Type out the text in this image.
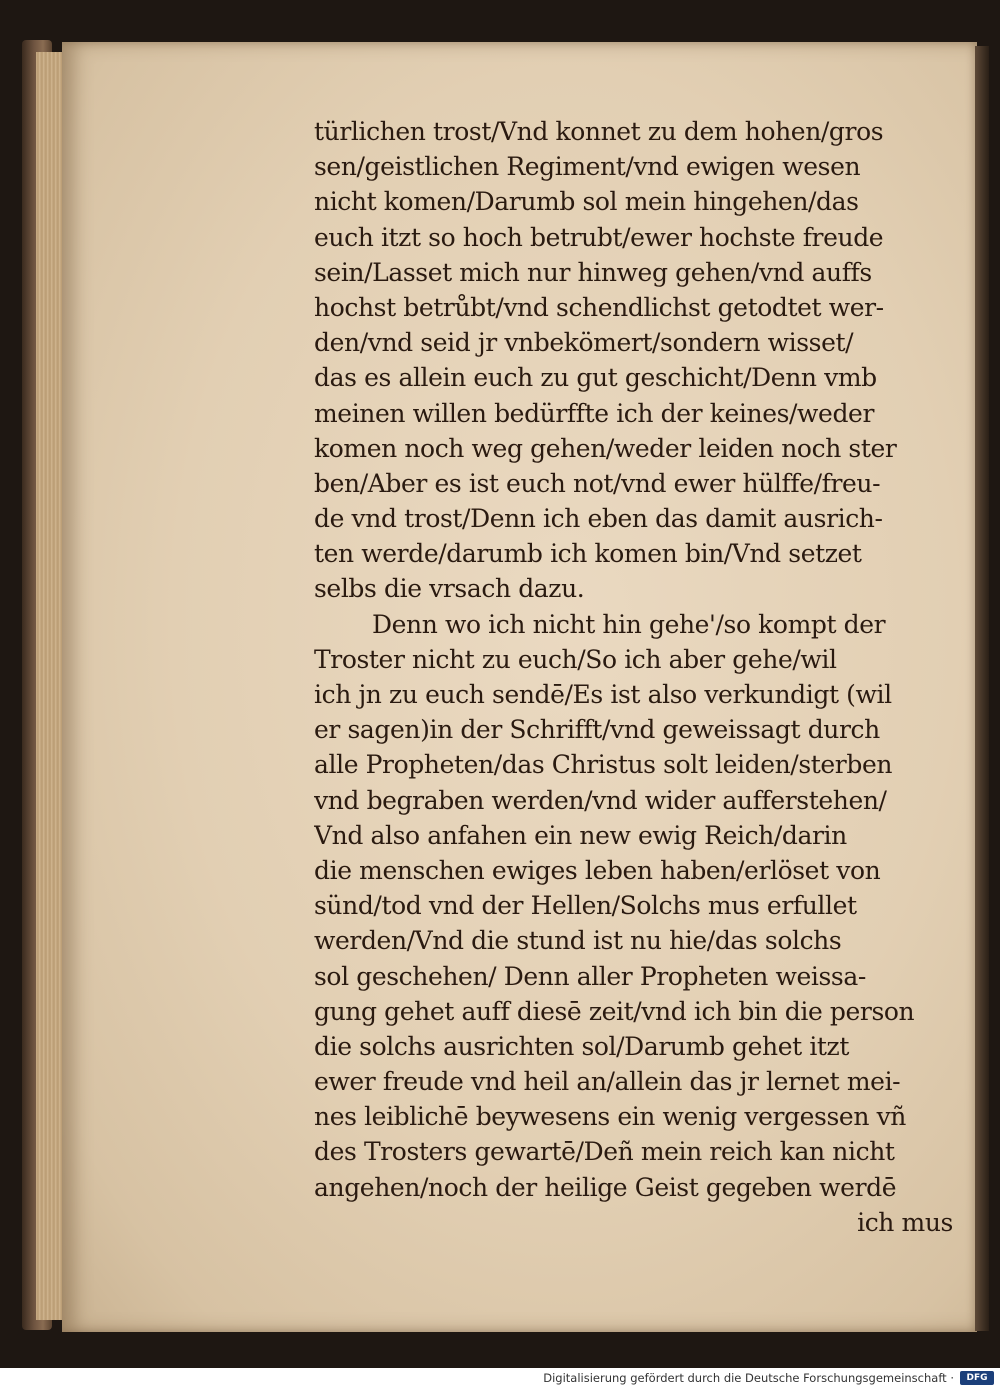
türlichen trost/Vnd konnet zu dem hohen/gros
sen/geistlichen Regiment/vnd ewigen wesen
nicht komen/Darumb sol mein hingehen/das
euch itzt so hoch betrubt/ewer hochste freude
sein/Lasset mich nur hinweg gehen/vnd auffs
hochst betrůbt/vnd schendlichst getodtet wer-
den/vnd seid jr vnbekömert/sondern wisset/
das es allein euch zu gut geschicht/Denn vmb
meinen willen bedürffte ich der keines/weder
komen noch weg gehen/weder leiden noch ster
ben/Aber es ist euch not/vnd ewer hülffe/freu-
de vnd trost/Denn ich eben das damit ausrich-
ten werde/darumb ich komen bin/Vnd setzet
selbs die vrsach dazu.
Denn wo ich nicht hin gehe'/so kompt der
Troster nicht zu euch/So ich aber gehe/wil
ich jn zu euch sendē/Es ist also verkundigt (wil
er sagen)in der Schrifft/vnd geweissagt durch
alle Propheten/das Christus solt leiden/sterben
vnd begraben werden/vnd wider aufferstehen/
Vnd also anfahen ein new ewig Reich/darin
die menschen ewiges leben haben/erlöset von
sünd/tod vnd der Hellen/Solchs mus erfullet
werden/Vnd die stund ist nu hie/das solchs
sol geschehen/ Denn aller Propheten weissa-
gung gehet auff diesē zeit/vnd ich bin die person
die solchs ausrichten sol/Darumb gehet itzt
ewer freude vnd heil an/allein das jr lernet mei-
nes leiblichē beywesens ein wenig vergessen vñ
des Trosters gewartē/Deñ mein reich kan nicht
angehen/noch der heilige Geist gegeben werdē
ich mus
Digitalisierung gefördert durch die Deutsche Forschungsgemeinschaft ·	DFG
